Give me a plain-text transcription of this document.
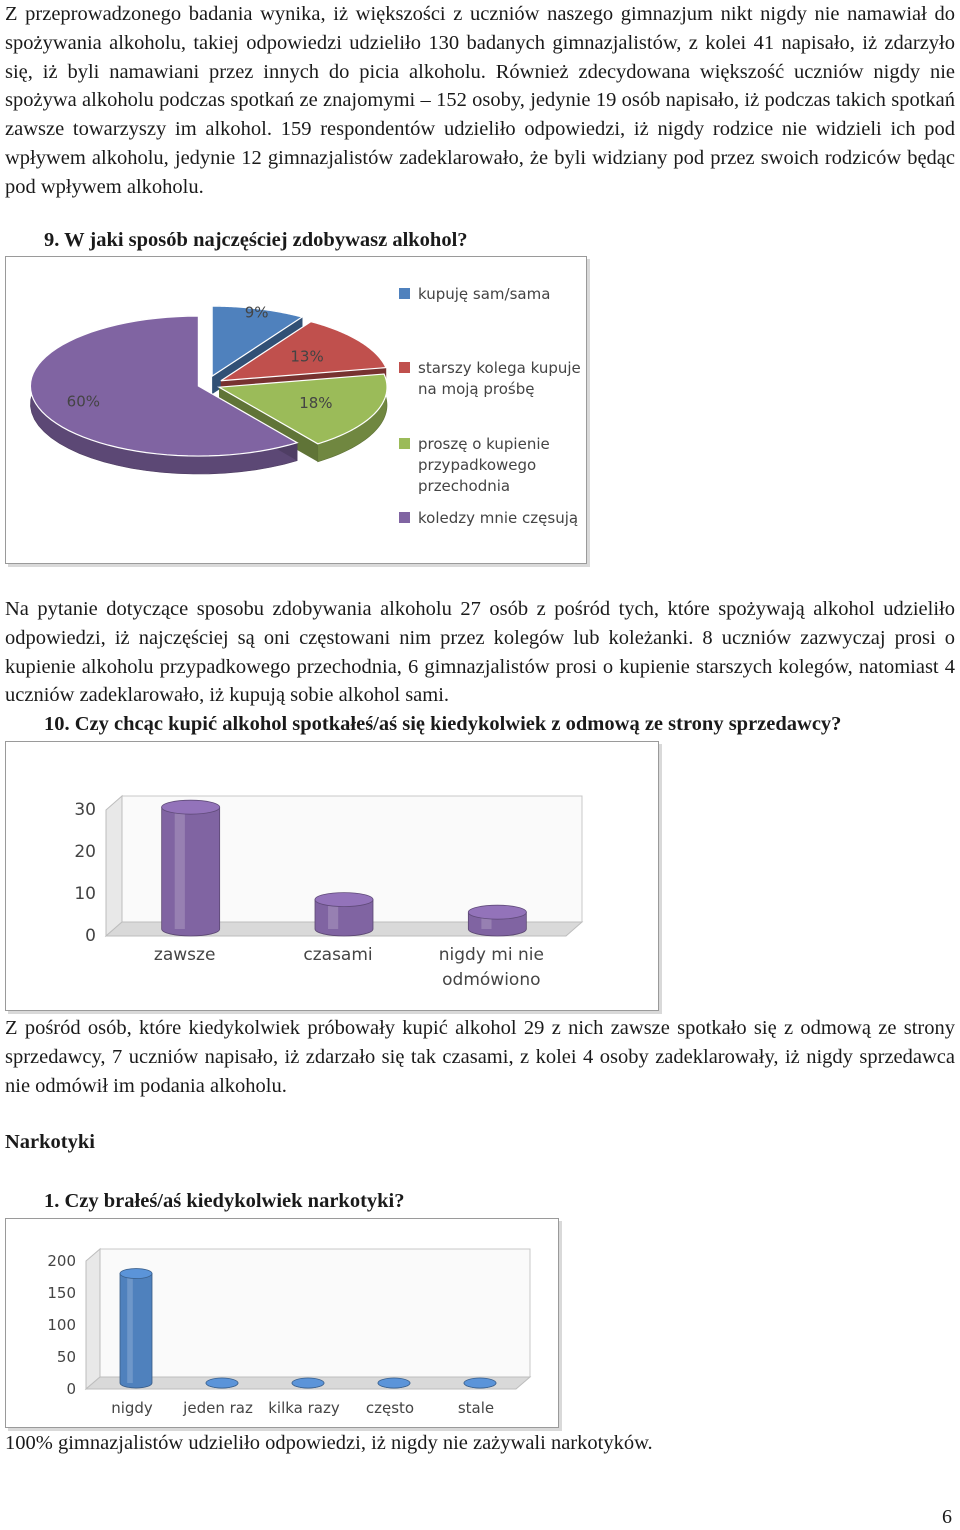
Z przeprowadzonego badania wynika, iż większości z uczniów naszego gimnazjum nikt nigdy nie namawiał do spożywania alkoholu, takiej odpowiedzi udzieliło 130 badanych gimnazjalistów, z kolei 41 napisało, iż zdarzyło się, iż byli namawiani przez innych do picia alkoholu. Również zdecydowana większość uczniów nigdy nie spożywa alkoholu podczas spotkań ze znajomymi – 152 osoby, jedynie 19 osób napisało, iż podczas takich spotkań zawsze towarzyszy im alkohol. 159 respondentów udzieliło odpowiedzi, iż nigdy rodzice nie widzieli ich pod wpływem alkoholu, jedynie 12 gimnazjalistów zadeklarowało, że byli widziany pod przez swoich rodziców będąc pod wpływem alkoholu.

9. W jaki sposób najczęściej zdobywasz alkohol?

9%
13%
18%
60%
kupuję sam/sama
starszy kolega kupuje
na moją prośbę
proszę o kupienie
przypadkowego
przechodnia
koledzy mnie częsują

Na pytanie dotyczące sposobu zdobywania alkoholu 27 osób z pośród tych, które spożywają alkohol udzieliło odpowiedzi, iż najczęściej są oni częstowani nim przez kolegów lub koleżanki. 8 uczniów zazwyczaj prosi o kupienie alkoholu przypadkowego przechodnia, 6 gimnazjalistów prosi o kupienie starszych kolegów, natomiast 4 uczniów zadeklarowało, iż kupują sobie alkohol sami.

10. Czy chcąc kupić alkohol spotkałeś/aś się kiedykolwiek z odmową ze strony sprzedawcy?

0
10
20
30
zawsze	czasami	nigdy mi nie
odmówiono

Z pośród osób, które kiedykolwiek próbowały kupić alkohol 29 z nich zawsze spotkało się z odmową ze strony sprzedawcy, 7 uczniów napisało, iż zdarzało się tak czasami, z kolei 4 osoby zadeklarowały, iż nigdy sprzedawca nie odmówił im podania alkoholu.

Narkotyki

1. Czy brałeś/aś kiedykolwiek narkotyki?

0
50
100
150
200
nigdy jeden raz kilka razy często	stale

100% gimnazjalistów udzieliło odpowiedzi, iż nigdy nie zażywali narkotyków.

6
